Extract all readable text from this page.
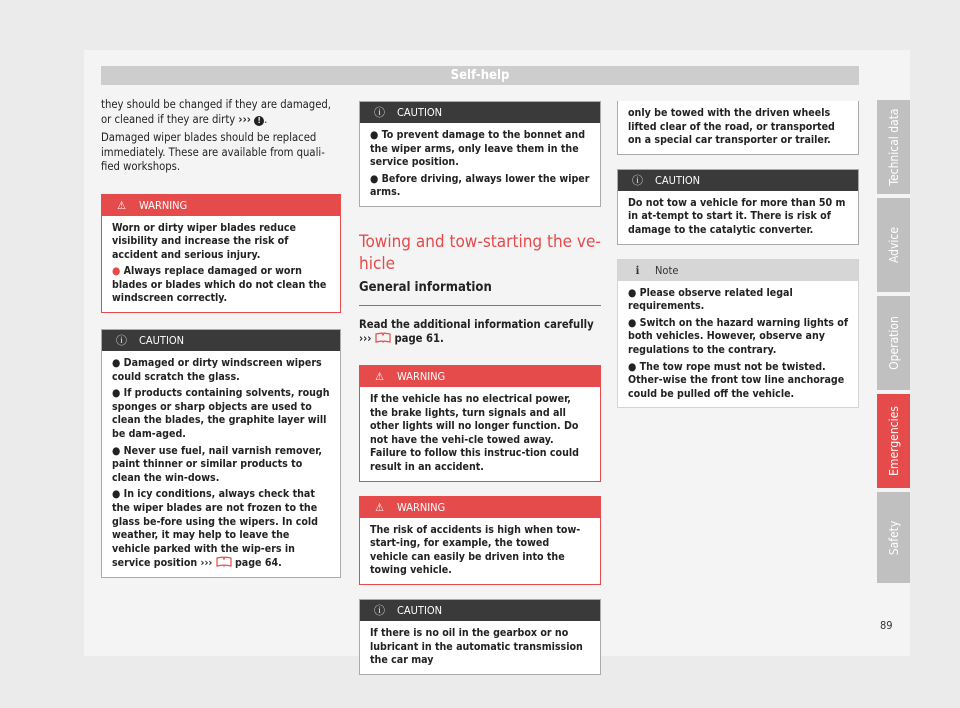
Self-help

they should be changed if they are damaged, or cleaned if they are dirty ››› ! .

Damaged wiper blades should be replaced immediately. These are available from quali-fied workshops.

⚠ WARNING
Worn or dirty wiper blades reduce visibility and increase the risk of accident and serious injury.
● Always replace damaged or worn blades or blades which do not clean the windscreen correctly.
ⓘ CAUTION
● Damaged or dirty windscreen wipers could scratch the glass.
● If products containing solvents, rough sponges or sharp objects are used to clean the blades, the graphite layer will be dam-aged.
● Never use fuel, nail varnish remover, paint thinner or similar products to clean the win-dows.
● In icy conditions, always check that the wiper blades are not frozen to the glass be-fore using the wipers. In cold weather, it may help to leave the vehicle parked with the wip-ers in service position ›››  page 64.
ⓘ CAUTION
● To prevent damage to the bonnet and the wiper arms, only leave them in the service position.
● Before driving, always lower the wiper arms.
Towing and tow-starting the ve-hicle
General information
Read the additional information carefully ›››  page 61.
⚠ WARNING
If the vehicle has no electrical power, the brake lights, turn signals and all other lights will no longer function. Do not have the vehi-cle towed away. Failure to follow this instruc-tion could result in an accident.
⚠ WARNING
The risk of accidents is high when tow-start-ing, for example, the towed vehicle can easily be driven into the towing vehicle.
ⓘ CAUTION
If there is no oil in the gearbox or no lubricant in the automatic transmission the car may
only be towed with the driven wheels lifted clear of the road, or transported on a special car transporter or trailer.
ⓘ CAUTION
Do not tow a vehicle for more than 50 m in at-tempt to start it. There is risk of damage to the catalytic converter.
ℹ	Note
● Please observe related legal requirements.
● Switch on the hazard warning lights of both vehicles. However, observe any regulations to the contrary.
● The tow rope must not be twisted. Other-wise the front tow line anchorage could be pulled off the vehicle.
Technical data
Advice
Operation
Emergencies
Safety
89
